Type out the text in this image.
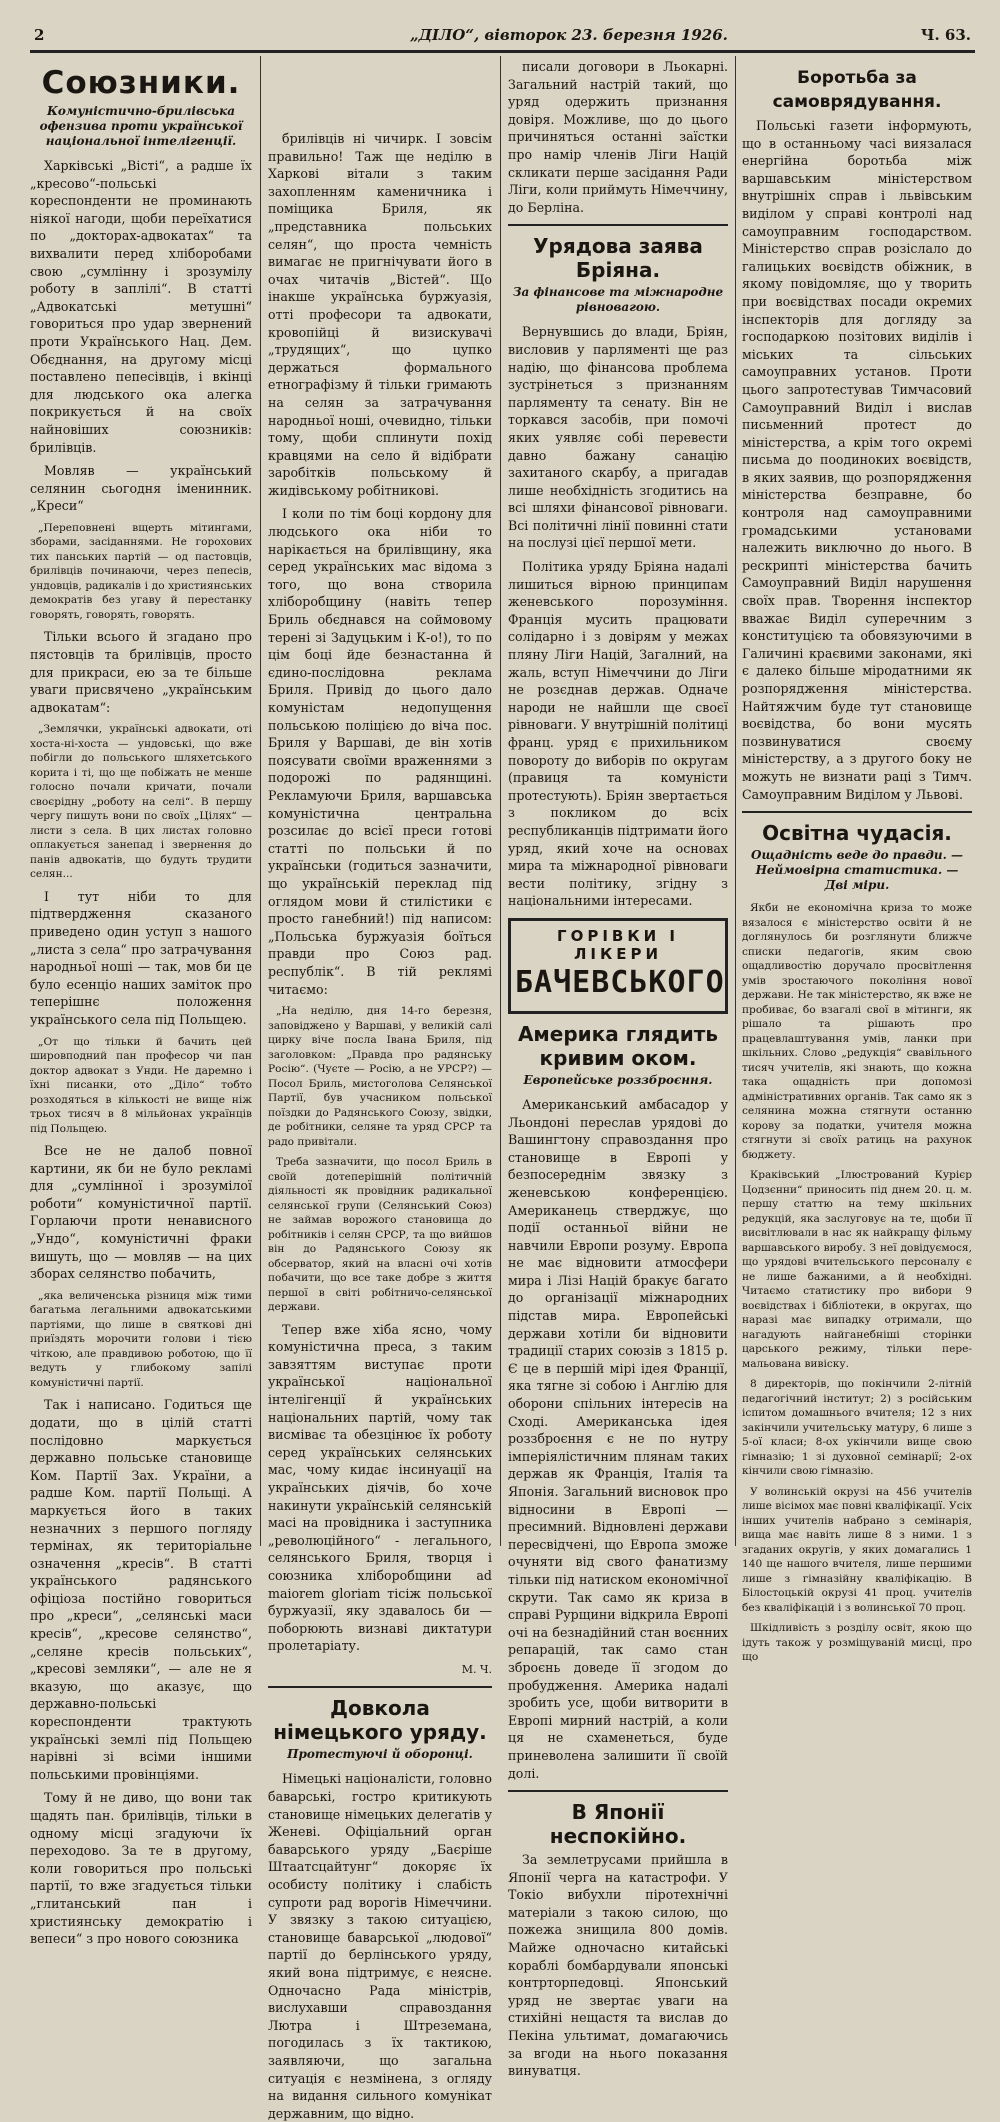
2	„ДІЛО“, вівторок 23. березня 1926.	Ч. 63.
Союзники.
Комуністично-брилівська офензива проти української національної інтелігенції.

Харківські „Вісті“, а радше їх „кресово“-польські кореспонденти не проминають ніякої нагоди, щоби переїхатися по „докторах-адвокатах“ та вихвалити перед хліборобами свою „сумлінну і зрозумілу роботу в заплілі“. В статті „Адвокатські метушні“ говориться про удар звернений проти Українського Нац. Дем. Обєднання, на другому місці поставлено пепесівців, і вкінці для людського ока алегка покрикується й на своїх найновіших союзників: брилівців.

Мовляв — український селянин сьогодня іменинник. „Креси“

„Переповнені вщерть мітингами, зборами, засіданнями. Не горохових тих панських партій — од пастовців, брилівців починаючи, через пепесів, ундовців, радикалів і до християнських демократів без угаву й перестанку говорять, говорять, говорять.

Тільки всього й згадано про пястовців та брилівців, просто для прикраси, ею за те більше уваги присвячено „українським адвокатам“:

„Землячки, українські адвокати, оті хоста-ні-хоста — ундовські, що вже побігли до польського шляхетського корита і ті, що ще побіжать не менше голосно почали кричати, почали своєрідну „роботу на селі“. В першу чергу пишуть вони по своїх „Цілях“ — листи з села. В цих листах головно оплакується занепад і звернення до панів адвокатів, що будуть трудити селян...

І тут ніби то для підтвердження сказаного приведено один уступ з нашого „листа з села“ про затрачування народньої ноші — так, мов би це було есенціо наших заміток про теперішнє положення українського села під Польщею.

„От що тільки й бачить цей шировподний пан професор чи пан доктор адвокат з Унди. Не даремно і їхні писанки, ото „Діло“ тобто розходяться в кількості не вище ніж трьох тисяч в 8 мільйонах українців під Польщею.

Все не не далоб повної картини, як би не було рекламі для „сумлінної і зрозумілої роботи“ комуністичної партії. Горлаючи проти ненависного „Ундо“, комуністичні фраки вишуть, що — мовляв — на цих зборах селянство побачить,

„яка величенська різниця між тими багатьма легальними адвокатськими партіями, що лише в святкові дні приїздять морочити голови і тією чіткою, але правдивою роботою, що її ведуть у глибокому запілі комуністичні партії.

Так і написано. Годиться ще додати, що в цілій статті послідовно маркується державно польське становище Ком. Партії Зах. України, а радше Ком. партії Польщі. А маркується його в таких незначних з першого погляду термінах, як територіальне означення „кресів“. В статті українського радянського офіціоза постійно говориться про „креси“, „селянські маси кресів“, „кресове селянство“, „селяне кресів польських“, „кресові земляки“, — але не я вказую, що аказує, що державно-польські кореспонденти трактують українські землі під Польщею нарівні зі всіми іншими польськими провінціями.

Тому й не диво, що вони так щадять пан. брилівців, тільки в одному місці згадуючи їх переходово. За те в другому, коли говориться про польські партії, то вже згадується тільки „глитанський пан і християнську демократію і вепеси“ з про нового союзника

брилівців ні чичирк. І зовсім правильно! Таж ще неділю в Харкові вітали з таким захопленням каменичника і поміщика Бриля, як „представника польських селян“, що проста чемність вимагає не пригнічувати його в очах читачів „Вістей“. Що інакше українська буржуазія, отті професори та адвокати, кровопійці й визискувачі „трудящих“, що цупко держаться формального етнографізму й тільки гримають на селян за затрачування народньої ноші, очевидно, тільки тому, щоби сплинути похід кравцями на село й відібрати заробітків польському й жидівському робітникові.

І коли по тім боці кордону для людського ока ніби то нарікається на брилівщину, яка серед українських мас відома з того, що вона створила хліборобщину (навіть тепер Бриль обєднався на соймовому терені зі Задуцьким і К-о!), то по цім боці йде безнастанна й єдино-послідовна реклама Бриля. Привід до цього дало комуністам недопущення польською поліцією до віча пос. Бриля у Варшаві, де він хотів поясувати своїми враженнями з подорожі по радянщині. Рекламуючи Бриля, варшавська комуністична центральна розсилає до всієї преси готові статті по польськи й по українськи (годиться зазначити, що українській переклад під оглядом мови й стилістики є просто ганебний!) під написом: „Польська буржуазія боїться правди про Союз рад. республік“. В тій реклямі читаємо:

„На неділю, дня 14-го березня, заповіджено у Варшаві, у великій салі цирку віче посла Івана Бриля, під заголовком: „Правда про радянську Росію“. (Чуєте — Росію, а не УРСР?) — Посол Бриль, мистоголова Селянської Партії, був учасником польської поїздки до Радянського Союзу, звідки, де робітники, селяне та уряд СРСР та радо привітали.

Треба зазначити, що посол Бриль в своїй дотеперішній політичній діяльності як провідник радикальної селянської групи (Селянський Союз) не займав ворожого становища до робітників і селян СРСР, та що вийшов він до Радянського Союзу як обсерватор, який на власні очі хотів побачити, що все таке добре з життя першої в світі робітничо-селянської держави.

Тепер вже хіба ясно, чому комуністична преса, з таким завзяттям виступає проти української національної інтелігенції й українських національних партій, чому так висміває та обезцінює їх роботу серед українських селянських мас, чому кидає інсинуації на українських діячів, бо хоче накинути українській селянській масі на провідника і заступника „революційного“ - легального, селянського Бриля, творця і союзника хліборобщини ad maiorem gloriam тісіж польської буржуазії, яку здавалось би — поборюють визнаві диктатури пролетаріату.

М. Ч.

Довкола німецького уряду.
Протестуючі й оборонці.

Німецькі націоналісти, головно баварські, гостро критикують становище німецьких делегатів у Женеві. Офіціальний орган баварського уряду „Баєріше Штаатсцайтунг“ докоряє їх особисту політику і слабість супроти рад ворогів Німеччини. У звязку з такою ситуацією, становище баварської „людової“ партії до берлінського уряду, який вона підтримує, є неясне. Одночасно Рада міністрів, вислухавши справоздання Лютра і Штреземана, погодилась з їх тактикою, заявляючи, що загальна ситуація є незмінена, з огляду на видання сильного комунікат державним, що відно.

писали договори в Льокарні. Загальний настрій такий, що уряд одержить признання довіря. Можливе, що до цього причиняться останні заїстки про намір членів Ліги Націй скликати перше засідання Ради Ліги, коли приймуть Німеччину, до Берліна.

Урядова заява Бріяна.
За фінансове та міжнародне рівновагою.

Вернувшись до влади, Бріян, висловив у парляменті ще раз надію, що фінансова проблема зустрінеться з признанням парляменту та сенату. Він не торкався засобів, при помочі яких уявляє собі перевести давно бажану санацію захитаного скарбу, а пригадав лише необхідність згодитись на всі шляхи фінансової рівноваги. Всі політичні лінії повинні стати на послузі цієї першої мети.

Політика уряду Бріяна надалі лишиться вірною принципам женевського порозуміння. Франція мусить працювати солідарно і з довірям у межах пляну Ліги Націй, Загалний, на жаль, вступ Німеччини до Ліги не розєднав держав. Одначе народи не найшли ще своєї рівноваги. У внутрішній політиці франц. уряд є прихильником повороту до виборів по округам (правиця та комуністи протестують). Бріян звертається з покликом до всіх республиканців підтримати його уряд, який хоче на основах мира та міжнародної рівноваги вести політику, згідну з національними інтересами.

ГОРІВКИ І ЛІКЕРИ
БАЧЕВСЬКОГО
Америка глядить кривим оком.
Европейське роззброєння.

Американський амбасадор у Льондоні переслав урядові до Вашингтону справоздання про становище в Европі у безпосереднім звязку з женевською конференцією. Американець стверджує, що події останньої війни не навчили Европи розуму. Европа не має відновити атмосфери мира і Лізі Націй бракує багато до організації міжнародних підстав мира. Европейські держави хотіли би відновити традиції старих союзів з 1815 р. Є це в першій мірі ідея Франції, яка тягне зі собою і Англію для оборони спільних інтересів на Сході. Американська ідея роззброєння є не по нутру імперіялістичним плянам таких держав як Франція, Італія та Японія. Загальний висновок про відносини в Европі — пресимний. Відновлені держави пересвідчені, що Европа зможе очуняти від свого фанатизму тільки під натиском економічної скрути. Так само як криза в справі Рурщини відкрила Европі очі на безнадійний стан воєнних репарацій, так само стан зброєнь доведе її згодом до пробудження. Америка надалі зробить усе, щоби витворити в Европі мирний настрій, а коли ця не схаменеться, буде приневолена залишити її своїй долі.

В Японії неспокійно.

За землетрусами прийшла в Японії черга на катастрофи. У Токіо вибухли піротехнічні матеріали з такою силою, що пожежа знищила 800 домів. Майже одночасно китайські кораблі бомбардували японські контрторпедовці. Японський уряд не звертає уваги на стихійні нещастя та вислав до Пекіна ультимат, домагаючись за вгоди на нього показання винуватця.

Боротьба за самоврядування.

Польські газети інформують, що в останньому часі виязалася енергійна боротьба між варшавським міністерством внутрішніх справ і львівським виділом у справі контролі над самоуправним господарством. Міністерство справ розіслало до галицьких воєвідств обіжник, в якому повідомляє, що у творить при воєвідствах посади окремих інспекторів для догляду за господаркою позітових виділів і міських та сільських самоуправних установ. Проти цього запротестував Тимчасовий Самоуправний Виділ і вислав письменний протест до міністерства, а крім того окремі письма до поодиноких воєвідств, в яких заявив, що розпорядження міністерства безправне, бо контроля над самоуправними громадськими установами належить виключно до нього. В рескрипті міністерства бачить Самоуправний Виділ нарушення своїх прав. Творення інспектор вважає Виділ суперечним з конституцією та обовязуючими в Галичині краєвими законами, які є далеко більше міродатними як розпорядження міністерства. Найтяжчим буде тут становище воєвідства, бо вони мусять позвинуватися своєму міністерству, а з другого боку не можуть не визнати раці з Тимч. Самоуправним Виділом у Львові.

Освітна чудасія.
Ощадність веде до правди. — Неймовірна статистика. — Дві міри.

Якби не економічна криза то може вязалося є міністерство освіти й не доглянулось би розглянути ближче списки педагогів, яким свою ощадливостію доручало просвітлення умів зростаючого покоління нової держави. Не так міністерство, як вже не пробиває, бо взагалі свої в мітинги, як рішало та рішають про працевлаштування умів, ланки при шкільних. Слово „редукція“ свавільного тисяч учителів, які знають, що кожна така ощадність при допомозі адміністративних органів. Так само як з селянина можна стягнути останню корову за податки, учителя можна стягнути зі своїх ратиць на рахунок бюджету.

Краківський „Ілюстрований Курієр Цодзєнни“ приносить під днем 20. ц. м. першу статтю на тему шкільних редукцій, яка заслуговує на те, щоби її висвітлювали в нас як найкращу фільму варшавського виробу. З неї довідуємося, що урядові вчительського персоналу є не лише бажаними, а й необхідні. Читаємо статистику про вибори 9 воєвідствах і бібліотеки, в округах, що наразі має випадку отримали, що нагадують найганебніші сторінки царського режиму, тільки пере-мальована вивіску.

8 директорів, що покінчили 2-літній педагогічний інститут; 2) з російським іспитом домашнього вчителя; 12 з них закінчили учительську матуру, 6 лише з 5-ої класи; 8-ох укінчили вище свою гімназію; 1 зі духовної семінарії; 2-ох кінчили свою гімназію.

У волинській окрузі на 456 учителів лише вісімох має повні кваліфікації. Усіх інших учителів набрано з семінарія, вища має навіть лише 8 з ними. 1 з згаданих округів, у яких домагались 1 140 ще нашого вчителя, лише першими лише з гімназійну кваліфікацію. В Білостоцькій окрузі 41 проц. учителів без кваліфікацій і з волинської 70 проц.

Шкідливість з розділу освіт, якою що ідуть також у розміщуваній мисці, про що
